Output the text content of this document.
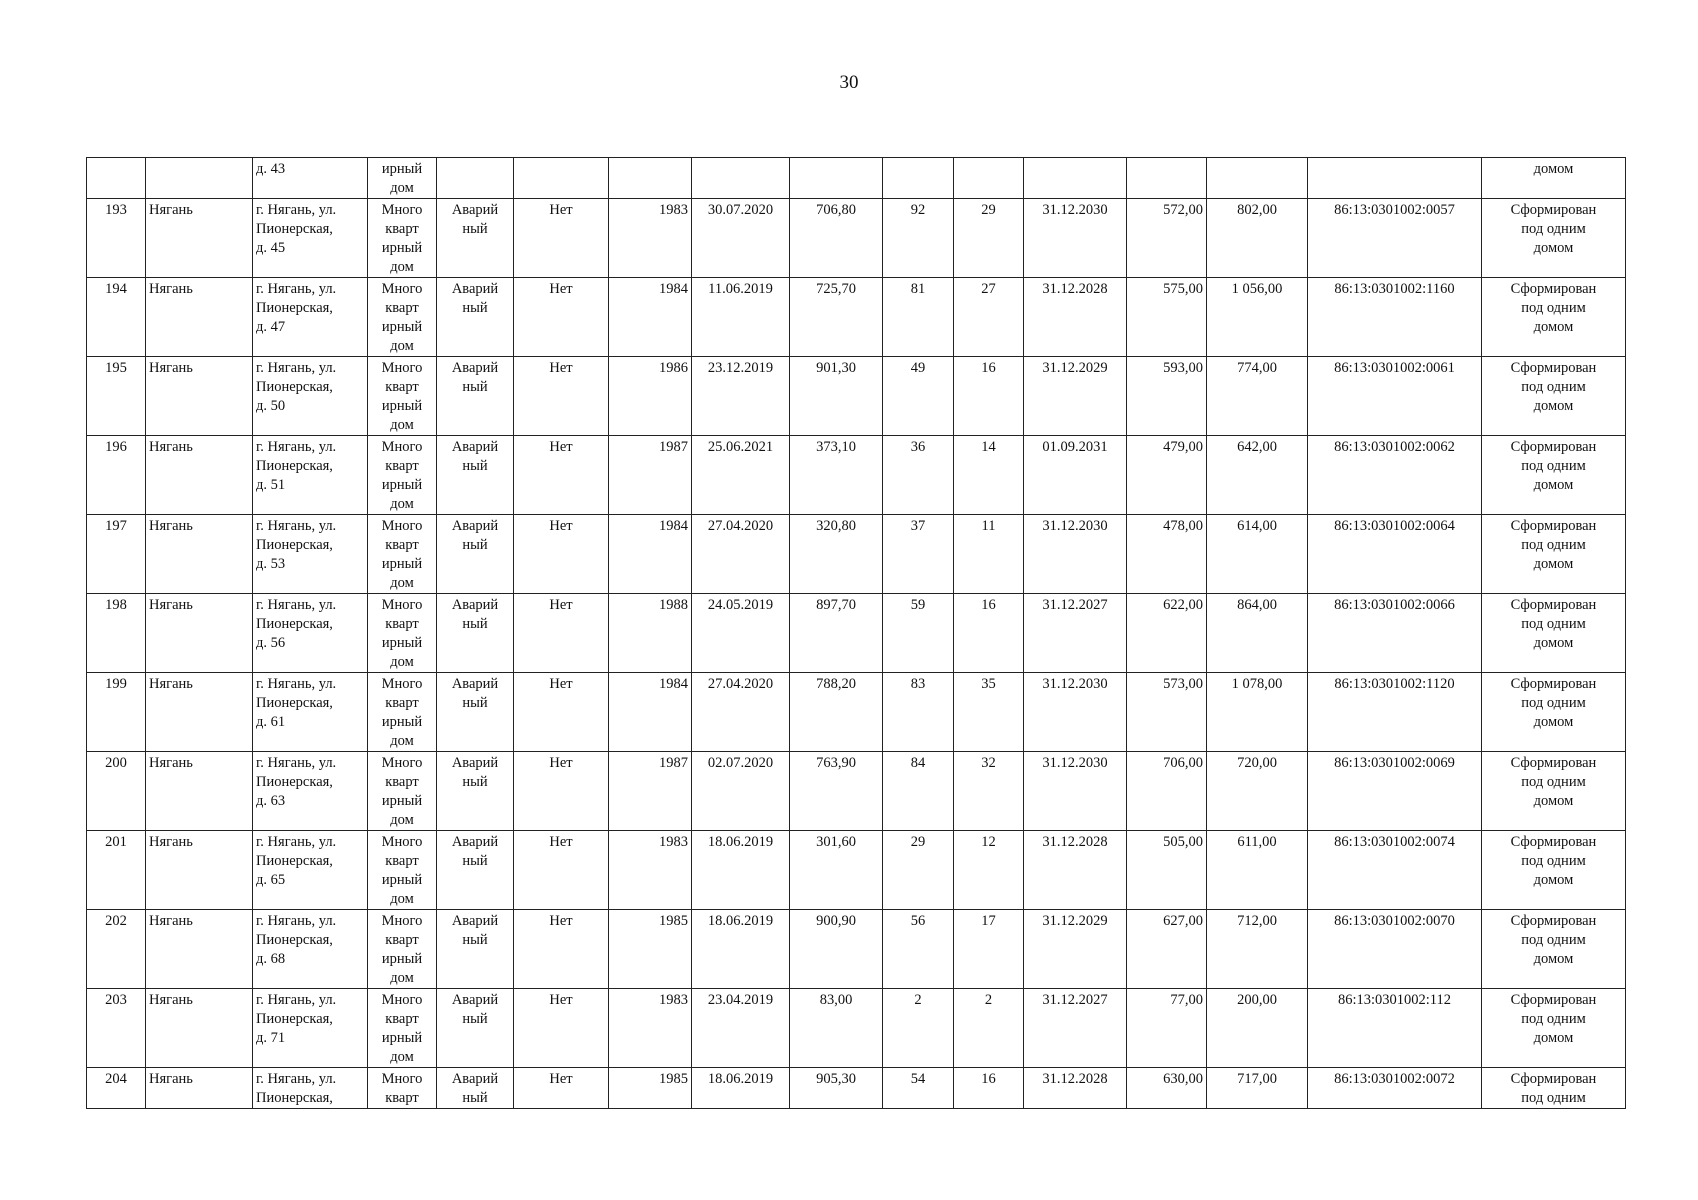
30

		д. 43	ирный
дом												домом

193	Нягань	г. Нягань, ул.
Пионерская,
д. 45	Много
кварт
ирный
дом	Аварий
ный	Нет	1983	30.07.2020	706,80	92	29	31.12.2030	572,00	802,00	86:13:0301002:0057	Сформирован
под одним
домом

194	Нягань	г. Нягань, ул.
Пионерская,
д. 47	Много
кварт
ирный
дом	Аварий
ный	Нет	1984	11.06.2019	725,70	81	27	31.12.2028	575,00	1 056,00	86:13:0301002:1160	Сформирован
под одним
домом

195	Нягань	г. Нягань, ул.
Пионерская,
д. 50	Много
кварт
ирный
дом	Аварий
ный	Нет	1986	23.12.2019	901,30	49	16	31.12.2029	593,00	774,00	86:13:0301002:0061	Сформирован
под одним
домом

196	Нягань	г. Нягань, ул.
Пионерская,
д. 51	Много
кварт
ирный
дом	Аварий
ный	Нет	1987	25.06.2021	373,10	36	14	01.09.2031	479,00	642,00	86:13:0301002:0062	Сформирован
под одним
домом

197	Нягань	г. Нягань, ул.
Пионерская,
д. 53	Много
кварт
ирный
дом	Аварий
ный	Нет	1984	27.04.2020	320,80	37	11	31.12.2030	478,00	614,00	86:13:0301002:0064	Сформирован
под одним
домом

198	Нягань	г. Нягань, ул.
Пионерская,
д. 56	Много
кварт
ирный
дом	Аварий
ный	Нет	1988	24.05.2019	897,70	59	16	31.12.2027	622,00	864,00	86:13:0301002:0066	Сформирован
под одним
домом

199	Нягань	г. Нягань, ул.
Пионерская,
д. 61	Много
кварт
ирный
дом	Аварий
ный	Нет	1984	27.04.2020	788,20	83	35	31.12.2030	573,00	1 078,00	86:13:0301002:1120	Сформирован
под одним
домом

200	Нягань	г. Нягань, ул.
Пионерская,
д. 63	Много
кварт
ирный
дом	Аварий
ный	Нет	1987	02.07.2020	763,90	84	32	31.12.2030	706,00	720,00	86:13:0301002:0069	Сформирован
под одним
домом

201	Нягань	г. Нягань, ул.
Пионерская,
д. 65	Много
кварт
ирный
дом	Аварий
ный	Нет	1983	18.06.2019	301,60	29	12	31.12.2028	505,00	611,00	86:13:0301002:0074	Сформирован
под одним
домом

202	Нягань	г. Нягань, ул.
Пионерская,
д. 68	Много
кварт
ирный
дом	Аварий
ный	Нет	1985	18.06.2019	900,90	56	17	31.12.2029	627,00	712,00	86:13:0301002:0070	Сформирован
под одним
домом

203	Нягань	г. Нягань, ул.
Пионерская,
д. 71	Много
кварт
ирный
дом	Аварий
ный	Нет	1983	23.04.2019	83,00	2	2	31.12.2027	77,00	200,00	86:13:0301002:112	Сформирован
под одним
домом

204	Нягань	г. Нягань, ул.
Пионерская,	Много
кварт	Аварий
ный	Нет	1985	18.06.2019	905,30	54	16	31.12.2028	630,00	717,00	86:13:0301002:0072	Сформирован
под одним
